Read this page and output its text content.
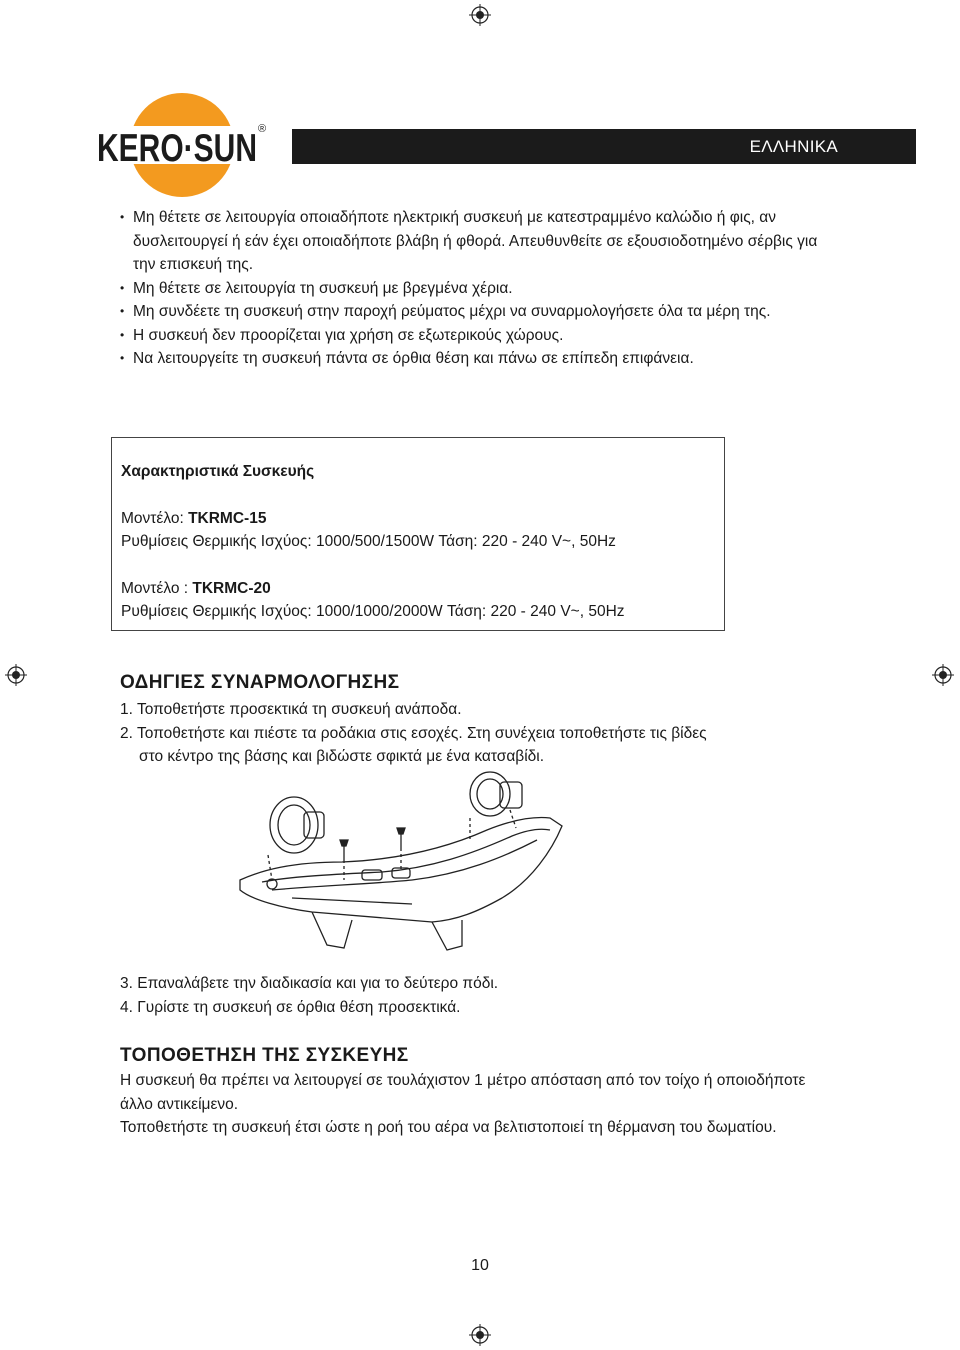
KERO·SUN ®
ΕΛΛΗΝΙΚΑ
• Μη θέτετε σε λειτουργία οποιαδήποτε ηλεκτρική συσκευή με κατεστραμμένο καλώδιο ή φις, αν δυσλειτουργεί ή εάν έχει οποιαδήποτε βλάβη ή φθορά. Απευθυνθείτε σε εξουσιοδοτημένο σέρβις για την επισκευή της.
• Μη θέτετε σε λειτουργία τη συσκευή με βρεγμένα χέρια.
• Μη συνδέετε τη συσκευή στην παροχή ρεύματος μέχρι να συναρμολογήσετε όλα τα μέρη της.
• Η συσκευή δεν προορίζεται για χρήση σε εξωτερικούς χώρους.
• Να λειτουργείτε τη συσκευή πάντα σε όρθια θέση και πάνω σε επίπεδη επιφάνεια.
Χαρακτηριστικά Συσκευής
Μοντέλο: TKRMC-15
Ρυθμίσεις Θερμικής Ισχύος: 1000/500/1500W Τάση: 220 - 240 V~, 50Hz
Μοντέλο : TKRMC-20
Ρυθμίσεις Θερμικής Ισχύος: 1000/1000/2000W Τάση: 220 - 240 V~, 50Hz
ΟΔΗΓΙΕΣ ΣΥΝΑΡΜΟΛΟΓΗΣΗΣ
1. Τοποθετήστε προσεκτικά τη συσκευή ανάποδα.
2. Τοποθετήστε και πιέστε τα ροδάκια στις εσοχές. Στη συνέχεια τοποθετήστε τις βίδες
στο κέντρο της βάσης και βιδώστε σφικτά με ένα κατσαβίδι.
3. Επαναλάβετε την διαδικασία και για το δεύτερο πόδι.
4. Γυρίστε τη συσκευή σε όρθια θέση προσεκτικά.
ΤΟΠΟΘΕΤΗΣΗ ΤΗΣ ΣΥΣΚΕΥΗΣ
Η συσκευή θα πρέπει να λειτουργεί σε τουλάχιστον 1 μέτρο απόσταση από τον τοίχο ή οποιοδήποτε άλλο αντικείμενο.
Τοποθετήστε τη συσκευή έτσι ώστε η ροή του αέρα να βελτιστοποιεί τη θέρμανση του δωματίου.
10
